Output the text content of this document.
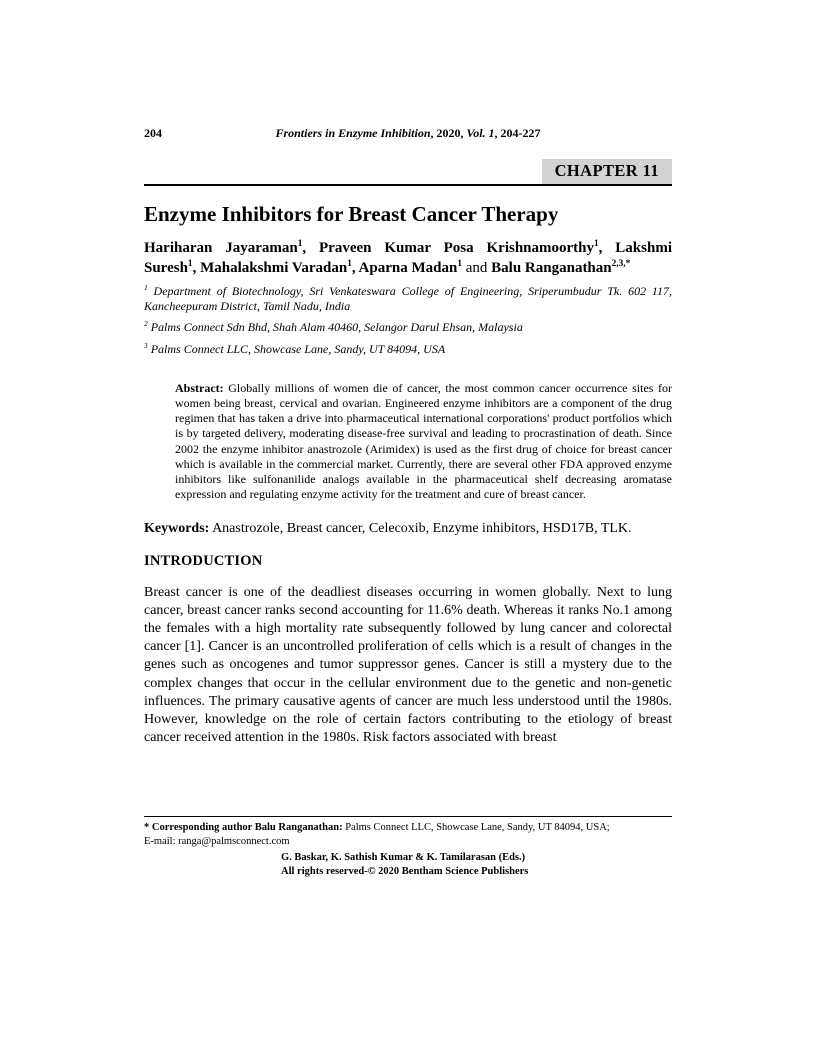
204	Frontiers in Enzyme Inhibition, 2020, Vol. 1, 204-227
CHAPTER 11
Enzyme Inhibitors for Breast Cancer Therapy

Hariharan Jayaraman$^1$, Praveen Kumar Posa Krishnamoorthy$^1$, Lakshmi Suresh$^1$, Mahalakshmi Varadan$^1$, Aparna Madan$^1$ and Balu Ranganathan$^{2,3,*}$

$^1$ Department of Biotechnology, Sri Venkateswara College of Engineering, Sriperumbudur Tk. 602 117, Kancheepuram District, Tamil Nadu, India

$^2$ Palms Connect Sdn Bhd, Shah Alam 40460, Selangor Darul Ehsan, Malaysia

$^3$ Palms Connect LLC, Showcase Lane, Sandy, UT 84094, USA

Abstract: Globally millions of women die of cancer, the most common cancer occurrence sites for women being breast, cervical and ovarian. Engineered enzyme inhibitors are a component of the drug regimen that has taken a drive into pharmaceutical international corporations' product portfolios which is by targeted delivery, moderating disease-free survival and leading to procrastination of death. Since 2002 the enzyme inhibitor anastrozole (Arimidex) is used as the first drug of choice for breast cancer which is available in the commercial market. Currently, there are several other FDA approved enzyme inhibitors like sulfonanilide analogs available in the pharmaceutical shelf decreasing aromatase expression and regulating enzyme activity for the treatment and cure of breast cancer.

Keywords: Anastrozole, Breast cancer, Celecoxib, Enzyme inhibitors, HSD17B, TLK.

INTRODUCTION

Breast cancer is one of the deadliest diseases occurring in women globally. Next to lung cancer, breast cancer ranks second accounting for 11.6% death. Whereas it ranks No.1 among the females with a high mortality rate subsequently followed by lung cancer and colorectal cancer [1]. Cancer is an uncontrolled proliferation of cells which is a result of changes in the genes such as oncogenes and tumor suppressor genes. Cancer is still a mystery due to the complex changes that occur in the cellular environment due to the genetic and non-genetic influences. The primary causative agents of cancer are much less understood until the 1980s. However, knowledge on the role of certain factors contributing to the etiology of breast cancer received attention in the 1980s. Risk factors associated with breast

* Corresponding author Balu Ranganathan: Palms Connect LLC, Showcase Lane, Sandy, UT 84094, USA;
E-mail: ranga@palmsconnect.com
G. Baskar, K. Sathish Kumar & K. Tamilarasan (Eds.)
All rights reserved-© 2020 Bentham Science Publishers
